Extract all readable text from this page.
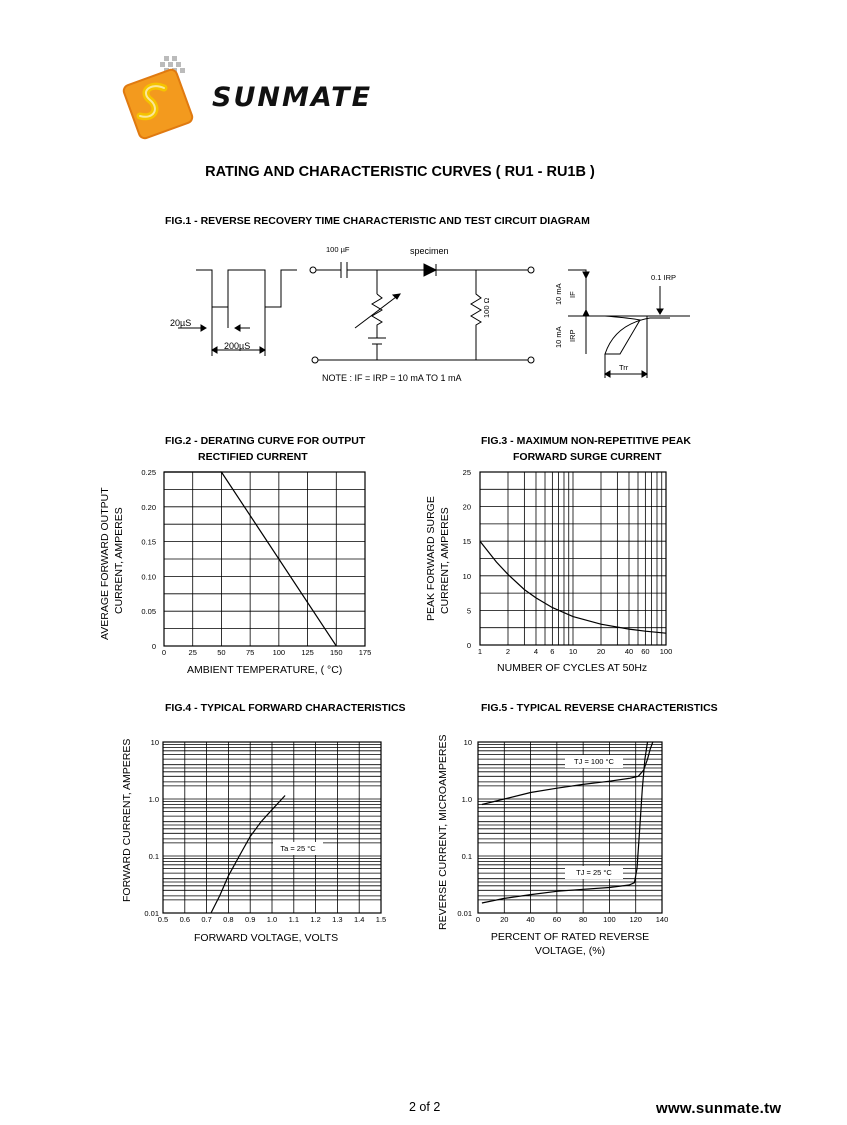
SUNMATE
RATING AND CHARACTERISTIC CURVES ( RU1 - RU1B )
FIG.1 - REVERSE RECOVERY TIME CHARACTERISTIC AND TEST CIRCUIT DIAGRAM
100 µF	specimen
100 Ω
20µS
200µS
NOTE : IF = IRP = 10 mA TO 1 mA
10 mA IF
10 mA IRP
0.1 IRP
Trr
FIG.2 - DERATING CURVE FOR OUTPUT
RECTIFIED CURRENT
AVERAGE FORWARD OUTPUT CURRENT, AMPERES
0	25	50	75 100 125 150 175
0
0.05
0.10
0.15
0.20
0.25
AMBIENT TEMPERATURE, ( °C)
FIG.3 - MAXIMUM NON-REPETITIVE PEAK
FORWARD SURGE CURRENT
PEAK FORWARD SURGE CURRENT, AMPERES
1	2	4 6 10	20	40 60 100
0
5
10
15
20
25
NUMBER OF CYCLES AT 50Hz
FIG.4 - TYPICAL FORWARD CHARACTERISTICS
FORWARD CURRENT, AMPERES
0.5 0.6 0.7 0.8 0.9 1.0 1.1 1.2 1.3 1.4 1.5
0.01
0.1
1.0
10
Ta = 25 °C
FORWARD VOLTAGE, VOLTS
FIG.5 - TYPICAL REVERSE CHARACTERISTICS
REVERSE CURRENT, MICROAMPERES	0	20 40 60 80 100 120 140
0.01
0.1
1.0
10
TJ = 100 °C
TJ = 25 °C
PERCENT OF RATED REVERSE
VOLTAGE, (%)
2 of 2	www.sunmate.tw
